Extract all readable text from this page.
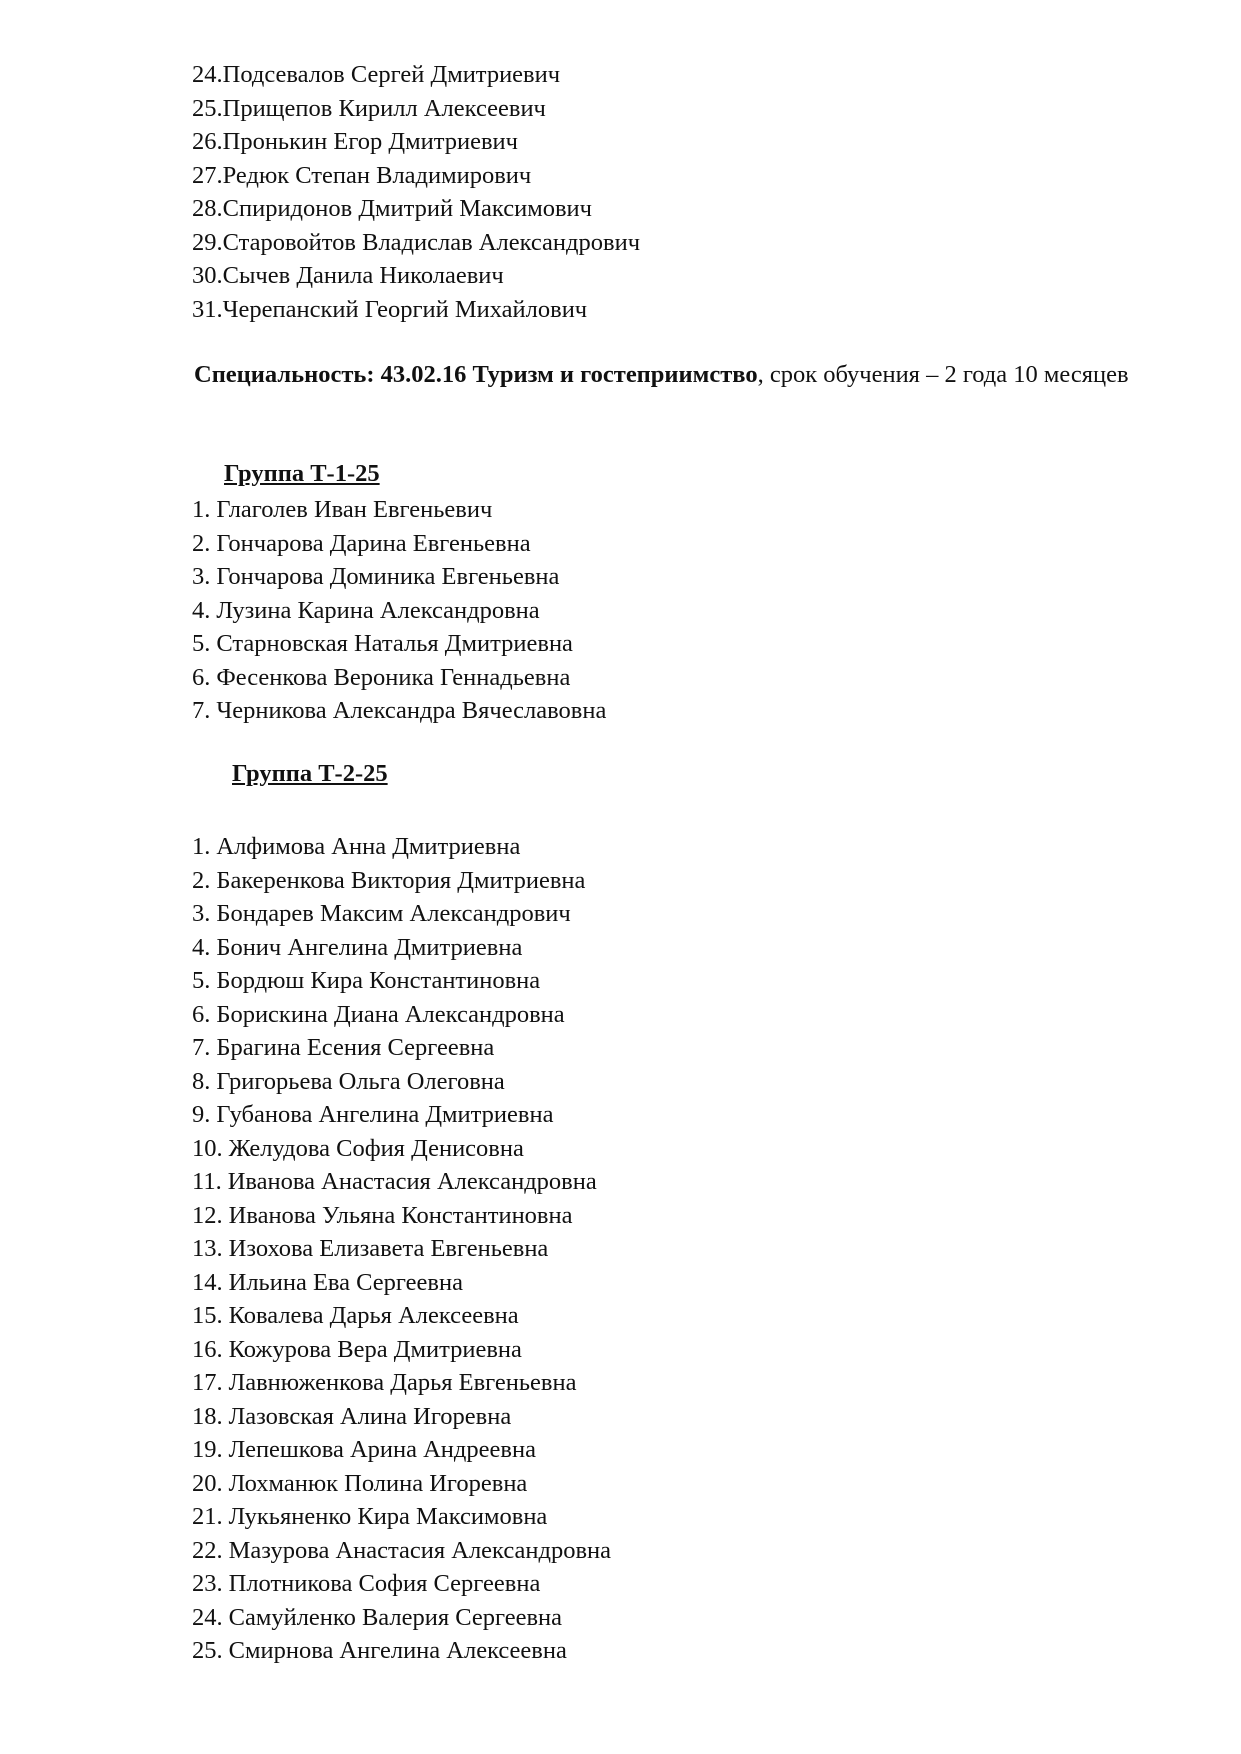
24.Подсевалов Сергей Дмитриевич
25.Прищепов Кирилл Алексеевич
26.Пронькин Егор Дмитриевич
27.Редюк Степан Владимирович
28.Спиридонов Дмитрий Максимович
29.Старовойтов Владислав Александрович
30.Сычев Данила Николаевич
31.Черепанский Георгий Михайлович
Специальность: 43.02.16 Туризм и гостеприимство, срок обучения – 2 года 10 месяцев
Группа Т-1-25
1. Глаголев Иван Евгеньевич
2. Гончарова Дарина Евгеньевна
3. Гончарова Доминика Евгеньевна
4. Лузина Карина Александровна
5. Старновская Наталья Дмитриевна
6. Фесенкова Вероника Геннадьевна
7. Черникова Александра Вячеславовна
Группа Т-2-25
1. Алфимова Анна Дмитриевна
2. Бакеренкова Виктория Дмитриевна
3. Бондарев Максим Александрович
4. Бонич Ангелина Дмитриевна
5. Бордюш Кира Константиновна
6. Борискина Диана Александровна
7. Брагина Есения Сергеевна
8. Григорьева Ольга Олеговна
9. Губанова Ангелина Дмитриевна
10. Желудова София Денисовна
11. Иванова Анастасия Александровна
12. Иванова Ульяна Константиновна
13. Изохова Елизавета Евгеньевна
14. Ильина Ева Сергеевна
15. Ковалева Дарья Алексеевна
16. Кожурова Вера Дмитриевна
17. Лавнюженкова Дарья Евгеньевна
18. Лазовская Алина Игоревна
19. Лепешкова Арина Андреевна
20. Лохманюк Полина Игоревна
21. Лукьяненко Кира Максимовна
22. Мазурова Анастасия Александровна
23. Плотникова София Сергеевна
24. Самуйленко Валерия Сергеевна
25. Смирнова Ангелина Алексеевна
